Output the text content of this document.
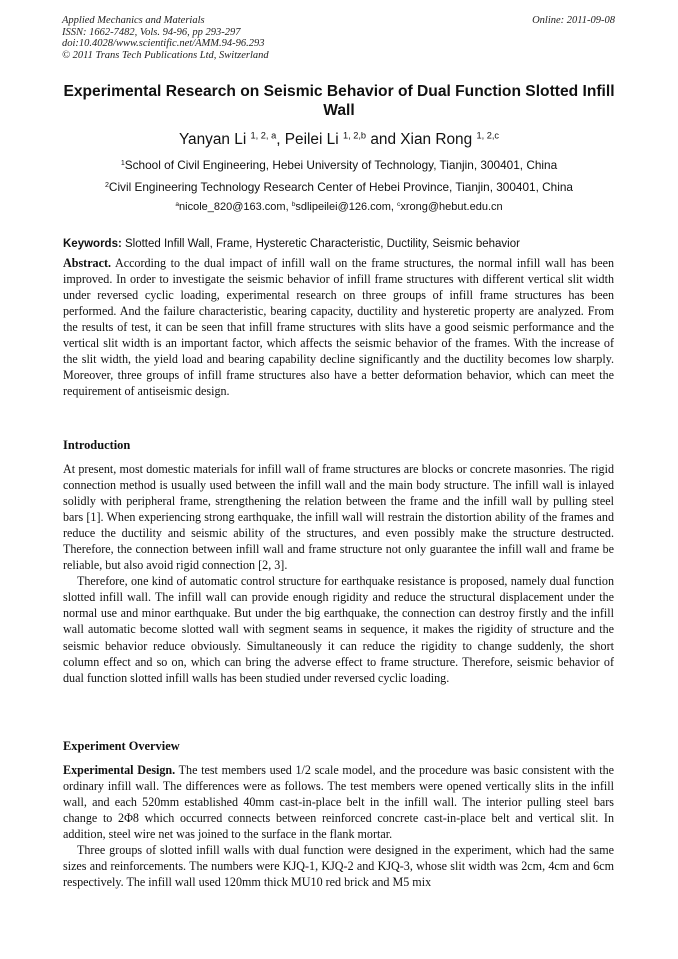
Applied Mechanics and Materials
ISSN: 1662-7482, Vols. 94-96, pp 293-297
doi:10.4028/www.scientific.net/AMM.94-96.293
© 2011 Trans Tech Publications Ltd, Switzerland
Online: 2011-09-08
Experimental Research on Seismic Behavior of Dual Function Slotted Infill Wall
Yanyan Li $^{1, 2, a}$, Peilei Li $^{1, 2,b}$ and Xian Rong $^{1, 2,c}$
$^1$School of Civil Engineering, Hebei University of Technology, Tianjin, 300401, China
$^2$Civil Engineering Technology Research Center of Hebei Province, Tianjin, 300401, China
$^a$nicole_820@163.com, $^b$sdlipeilei@126.com, $^c$xrong@hebut.edu.cn
Keywords: Slotted Infill Wall, Frame, Hysteretic Characteristic, Ductility, Seismic behavior

Abstract. According to the dual impact of infill wall on the frame structures, the normal infill wall has been improved. In order to investigate the seismic behavior of infill frame structures with different vertical slit width under reversed cyclic loading, experimental research on three groups of infill frame structures has been performed. And the failure characteristic, bearing capacity, ductility and hysteretic property are analyzed. From the results of test, it can be seen that infill frame structures with slits have a good seismic performance and the vertical slit width is an important factor, which affects the seismic behavior of the frames. With the increase of the slit width, the yield load and bearing capability decline significantly and the ductility becomes low sharply. Moreover, three groups of infill frame structures also have a better deformation behavior, which can meet the requirement of antiseismic design.

Introduction

At present, most domestic materials for infill wall of frame structures are blocks or concrete masonries. The rigid connection method is usually used between the infill wall and the main body structure. The infill wall is inlayed solidly with peripheral frame, strengthening the relation between the frame and the infill wall by pulling steel bars [1]. When experiencing strong earthquake, the infill wall will restrain the distortion ability of the frames and reduce the ductility and seismic ability of the structures, and even possibly make the structure destructed. Therefore, the connection between infill wall and frame structure not only guarantee the infill wall and frame be reliable, but also avoid rigid connection [2, 3].

Therefore, one kind of automatic control structure for earthquake resistance is proposed, namely dual function slotted infill wall. The infill wall can provide enough rigidity and reduce the structural displacement under the normal use and minor earthquake. But under the big earthquake, the connection can destroy firstly and the infill wall automatic become slotted wall with segment seams in sequence, it makes the rigidity of structure and the seismic behavior reduce obviously. Simultaneously it can reduce the rigidity to change suddenly, the short column effect and so on, which can bring the adverse effect to frame structure. Therefore, seismic behavior of dual function slotted infill walls has been studied under reversed cyclic loading.

Experiment Overview

Experimental Design. The test members used 1/2 scale model, and the procedure was basic consistent with the ordinary infill wall. The differences were as follows. The test members were opened vertically slits in the infill wall, and each 520mm established 40mm cast-in-place belt in the infill wall. The interior pulling steel bars change to 2Φ8 which occurred connects between reinforced concrete cast-in-place belt and vertical slit. In addition, steel wire net was joined to the surface in the flank mortar.

Three groups of slotted infill walls with dual function were designed in the experiment, which had the same sizes and reinforcements. The numbers were KJQ-1, KJQ-2 and KJQ-3, whose slit width was 2cm, 4cm and 6cm respectively. The infill wall used 120mm thick MU10 red brick and M5 mix
